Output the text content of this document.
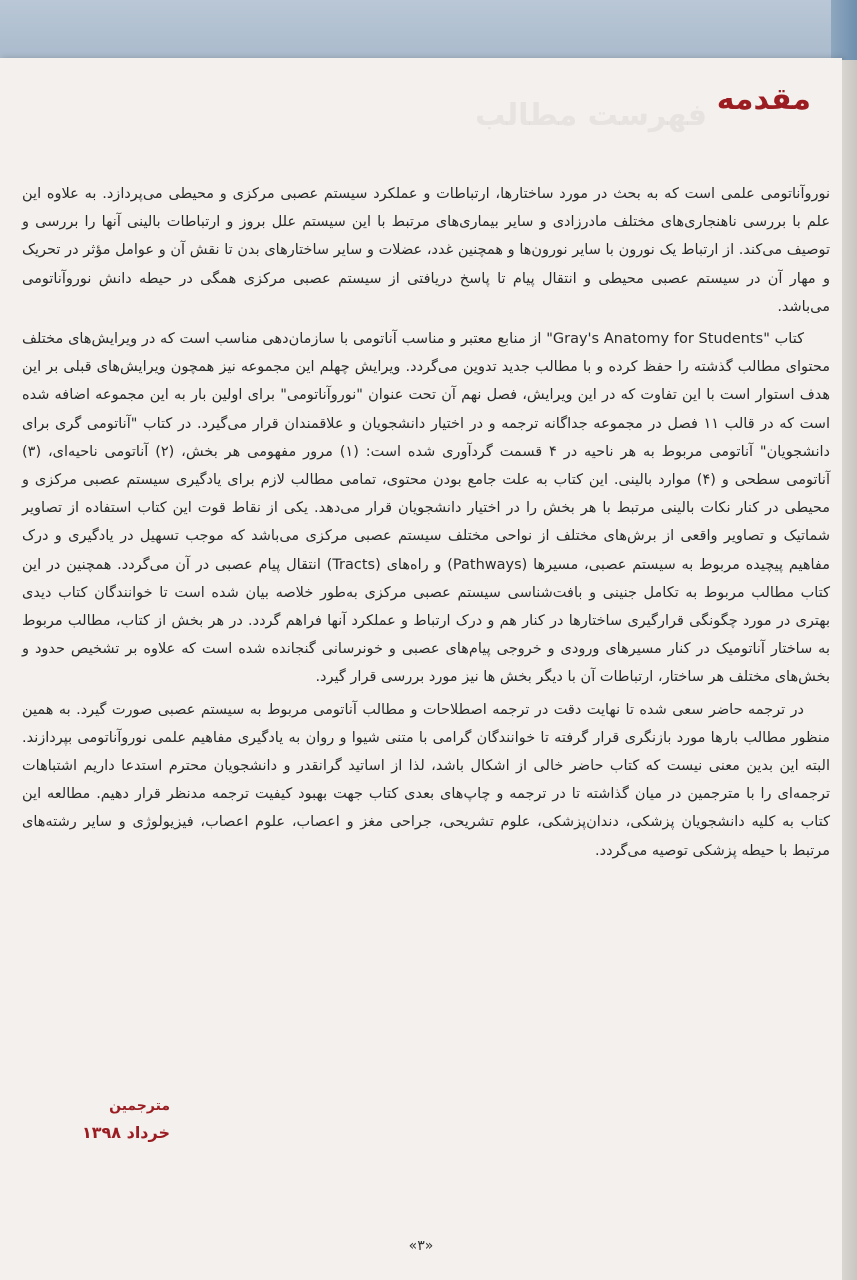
فهرست مطالب مقدمه

نوروآناتومی علمی است که به بحث در مورد ساختارها، ارتباطات و عملکرد سیستم عصبی مرکزی و محیطی می‌پردازد. به علاوه این علم با بررسی ناهنجاری‌های مختلف مادرزادی و سایر بیماری‌های مرتبط با این سیستم علل بروز و ارتباطات بالینی آنها را بررسی و توصیف می‌کند. از ارتباط یک نورون با سایر نورون‌ها و همچنین غدد، عضلات و سایر ساختارهای بدن تا نقش آن و عوامل مؤثر در تحریک و مهار آن در سیستم عصبی محیطی و انتقال پیام تا پاسخ دریافتی از سیستم عصبی مرکزی همگی در حیطه دانش نوروآناتومی می‌باشد.

کتاب "Gray's Anatomy for Students" از منابع معتبر و مناسب آناتومی با سازمان‌دهی مناسب است که در ویرایش‌های مختلف محتوای مطالب گذشته را حفظ کرده و با مطالب جدید تدوین می‌گردد. ویرایش چهلم این مجموعه نیز همچون ویرایش‌های قبلی بر این هدف استوار است با این تفاوت که در این ویرایش، فصل نهم آن تحت عنوان "نوروآناتومی" برای اولین بار به این مجموعه اضافه شده است که در قالب ۱۱ فصل در مجموعه جداگانه ترجمه و در اختیار دانشجویان و علاقمندان قرار می‌گیرد. در کتاب "آناتومی گری برای دانشجویان" آناتومی مربوط به هر ناحیه در ۴ قسمت گردآوری شده است: (۱) مرور مفهومی هر بخش، (۲) آناتومی ناحیه‌ای، (۳) آناتومی سطحی و (۴) موارد بالینی. این کتاب به علت جامع بودن محتوی، تمامی مطالب لازم برای یادگیری سیستم عصبی مرکزی و محیطی در کنار نکات بالینی مرتبط با هر بخش را در اختیار دانشجویان قرار می‌دهد. یکی از نقاط قوت این کتاب استفاده از تصاویر شماتیک و تصاویر واقعی از برش‌های مختلف از نواحی مختلف سیستم عصبی مرکزی می‌باشد که موجب تسهیل در یادگیری و درک مفاهیم پیچیده مربوط به سیستم عصبی، مسیرها (Pathways) و راه‌های (Tracts) انتقال پیام عصبی در آن می‌گردد. همچنین در این کتاب مطالب مربوط به تکامل جنینی و بافت‌شناسی سیستم عصبی مرکزی به‌طور خلاصه بیان شده است تا خوانندگان کتاب دیدی بهتری در مورد چگونگی قرارگیری ساختارها در کنار هم و درک ارتباط و عملکرد آنها فراهم گردد. در هر بخش از کتاب، مطالب مربوط به ساختار آناتومیک در کنار مسیرهای ورودی و خروجی پیام‌های عصبی و خونرسانی گنجانده شده است که علاوه بر تشخیص حدود و بخش‌های مختلف هر ساختار، ارتباطات آن با دیگر بخش ها نیز مورد بررسی قرار گیرد.

در ترجمه حاضر سعی شده تا نهایت دقت در ترجمه اصطلاحات و مطالب آناتومی مربوط به سیستم عصبی صورت گیرد. به همین منظور مطالب بارها مورد بازنگری قرار گرفته تا خوانندگان گرامی با متنی شیوا و روان به یادگیری مفاهیم علمی نوروآناتومی بپردازند. البته این بدین معنی نیست که کتاب حاضر خالی از اشکال باشد، لذا از اساتید گرانقدر و دانشجویان محترم استدعا داریم اشتباهات ترجمه‌ای را با مترجمین در میان گذاشته تا در ترجمه و چاپ‌های بعدی کتاب جهت بهبود کیفیت ترجمه مدنظر قرار دهیم. مطالعه این کتاب به کلیه دانشجویان پزشکی، دندان‌پزشکی، علوم تشریحی، جراحی مغز و اعصاب، علوم اعصاب، فیزیولوژی و سایر رشته‌های مرتبط با حیطه پزشکی توصیه می‌گردد.

مترجمین
خرداد ۱۳۹۸
«۳»
